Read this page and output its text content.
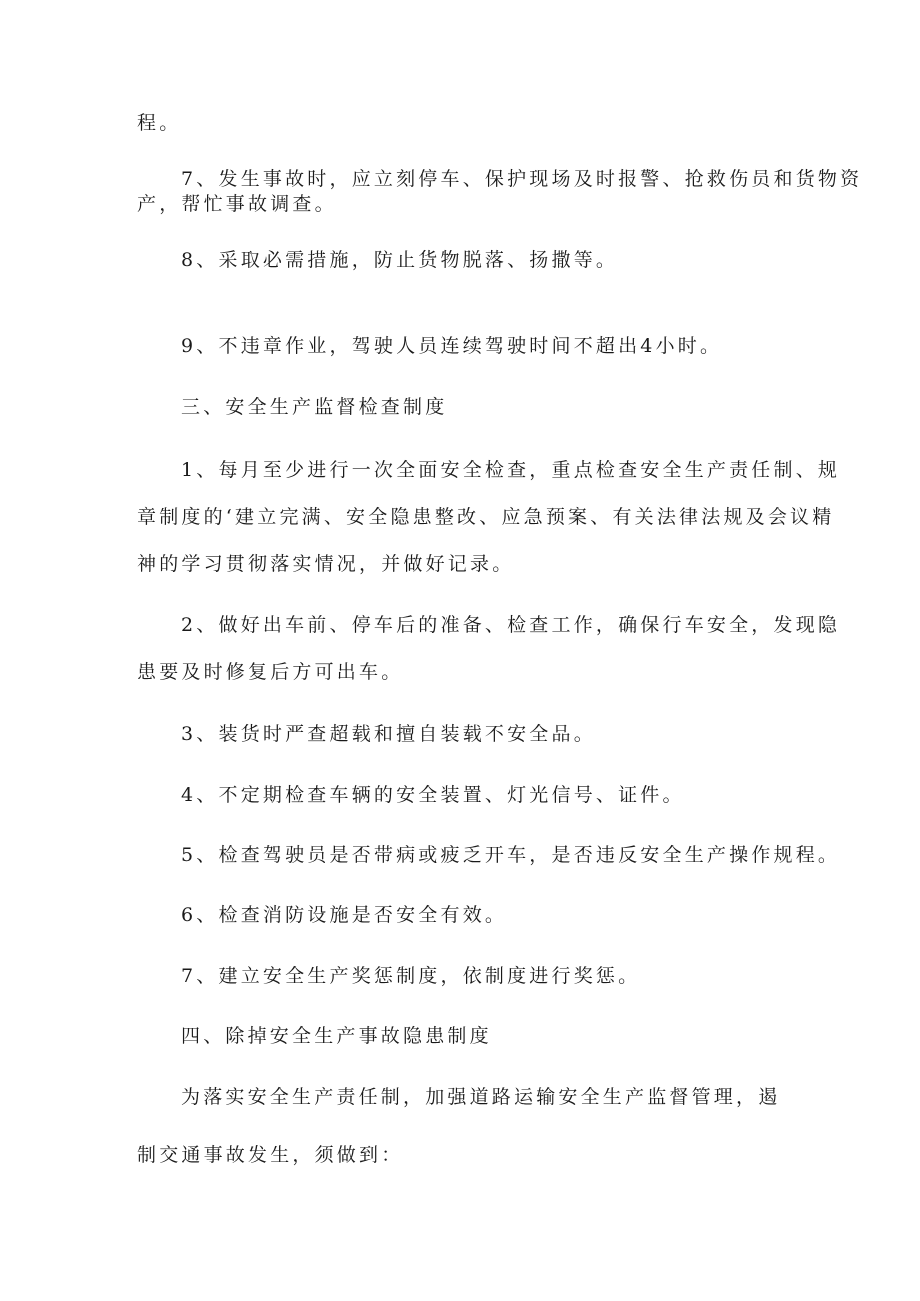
程。

7、发生事故时，应立刻停车、保护现场及时报警、抢救伤员和货物资

产，帮忙事故调查。

8、采取必需措施，防止货物脱落、扬撒等。

9、不违章作业，驾驶人员连续驾驶时间不超出4小时。

三、安全生产监督检查制度

1、每月至少进行一次全面安全检查，重点检查安全生产责任制、规

章制度的‘建立完满、安全隐患整改、应急预案、有关法律法规及会议精

神的学习贯彻落实情况，并做好记录。

2、做好出车前、停车后的准备、检查工作，确保行车安全，发现隐

患要及时修复后方可出车。

3、装货时严查超载和擅自装载不安全品。

4、不定期检查车辆的安全装置、灯光信号、证件。

5、检查驾驶员是否带病或疲乏开车，是否违反安全生产操作规程。

6、检查消防设施是否安全有效。

7、建立安全生产奖惩制度，依制度进行奖惩。

四、除掉安全生产事故隐患制度

为落实安全生产责任制，加强道路运输安全生产监督管理，遏

制交通事故发生，须做到：
